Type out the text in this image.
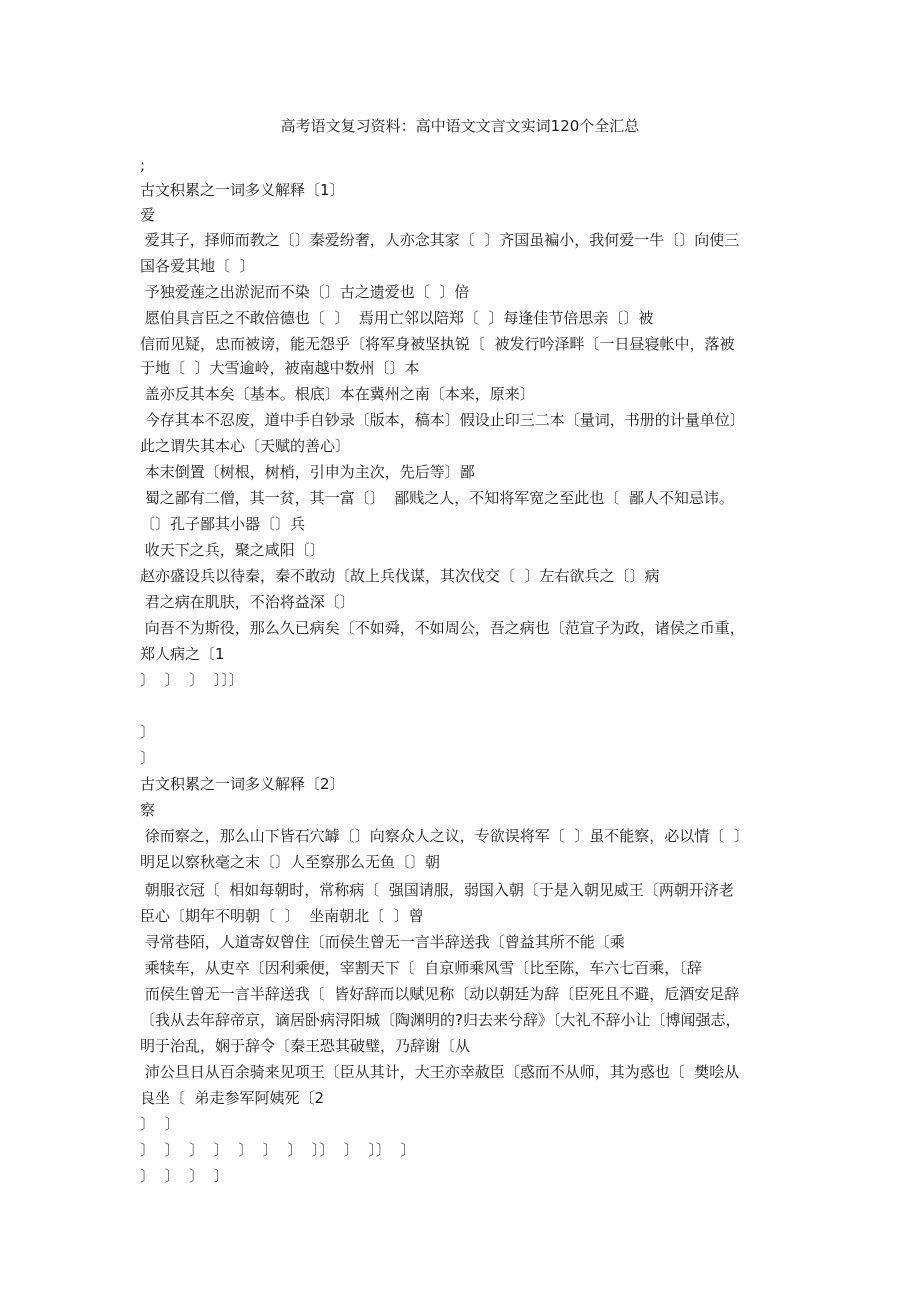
高考语文复习资料：高中语文文言文实词120个全汇总
;
古文积累之一词多义解释〔1〕
爱
爱其子，择师而教之〔〕秦爱纷奢，人亦念其家〔  〕齐国虽褊小，我何爱一牛〔〕向使三
国各爱其地〔  〕
予独爱莲之出淤泥而不染〔〕古之遗爱也〔  〕倍
愿伯具言臣之不敢倍德也〔  〕  焉用亡邻以陪郑〔  〕每逢佳节倍思亲〔〕被
信而见疑，忠而被谤，能无怨乎〔将军身被坚执锐〔  被发行吟泽畔〔一日昼寝帐中，落被
于地〔  〕大雪逾岭，被南越中数州〔〕本
盖亦反其本矣〔基本。根底〕本在冀州之南〔本来，原来〕
今存其本不忍废，道中手自钞录〔版本，稿本〕假设止印三二本〔量词，书册的计量单位〕
此之谓失其本心〔天赋的善心〕
本末倒置〔树根，树梢，引申为主次，先后等〕鄙
蜀之鄙有二僧，其一贫，其一富〔〕  鄙贱之人，不知将军宽之至此也〔  鄙人不知忌讳。
〔〕孔子鄙其小器〔〕兵
收天下之兵，聚之咸阳〔〕
赵亦盛设兵以待秦，秦不敢动〔故上兵伐谋，其次伐交〔  〕左右欲兵之〔〕病
君之病在肌肤，不治将益深〔〕
向吾不为斯役，那么久已病矣〔不如舜，不如周公，吾之病也〔范宣子为政，诸侯之币重，
郑人病之〔1
〕  〕  〕  〕〕〕
〕
〕
古文积累之一词多义解释〔2〕
察
徐而察之，那么山下皆石穴罅〔〕向察众人之议，专欲误将军〔  〕虽不能察，必以情〔  〕
明足以察秋毫之末〔〕人至察那么无鱼〔〕朝
朝服衣冠〔  相如每朝时，常称病〔  强国请服，弱国入朝〔于是入朝见威王〔两朝开济老
臣心〔期年不明朝〔  〕  坐南朝北〔  〕曾
寻常巷陌，人道寄奴曾住〔而侯生曾无一言半辞送我〔曾益其所不能〔乘
乘犊车，从吏卒〔因利乘便，宰割天下〔  自京师乘风雪〔比至陈，车六七百乘，〔辞
而侯生曾无一言半辞送我〔  皆好辞而以赋见称〔动以朝廷为辞〔臣死且不避，卮酒安足辞
〔我从去年辞帝京，谪居卧病浔阳城〔陶渊明的?归去来兮辞》〔大礼不辞小让〔博闻强志，
明于治乱，娴于辞令〔秦王恐其破璧，乃辞谢〔从
沛公旦日从百余骑来见项王〔臣从其计，大王亦幸赦臣〔惑而不从师，其为惑也〔  樊哙从
良坐〔  弟走参军阿姨死〔2
〕  〕
〕  〕  〕  〕  〕  〕  〕  〕〕  〕  〕〕  〕
〕  〕  〕  〕
